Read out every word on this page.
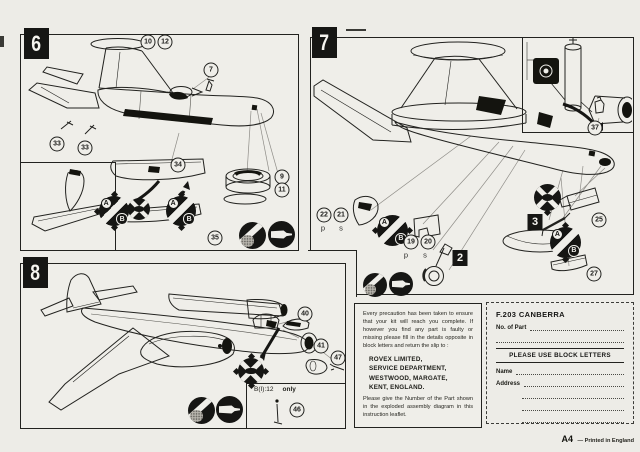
B(I):12 only
6	7
8
A
B
A
B	A
B
A
B

Every precaution has been taken to ensure that your kit will reach you complete. If however you find any part is faulty or missing please fill in the details opposite in block letters and return the slip to :

ROVEX LIMITED,
SERVICE DEPARTMENT,
WESTWOOD, MARGATE,
KENT, ENGLAND.

Please give the Number of the Part shown in the exploded assembly diagram in this instruction leaflet.

F.203 CANBERRA
No. of Part
PLEASE USE BLOCK LETTERS
Name
Address
A4 — Printed in England
10	12
7
33
33
34
9
11
35
37
22	21
19	20
25
27
2
3
p s
p s
40
41
47
46
